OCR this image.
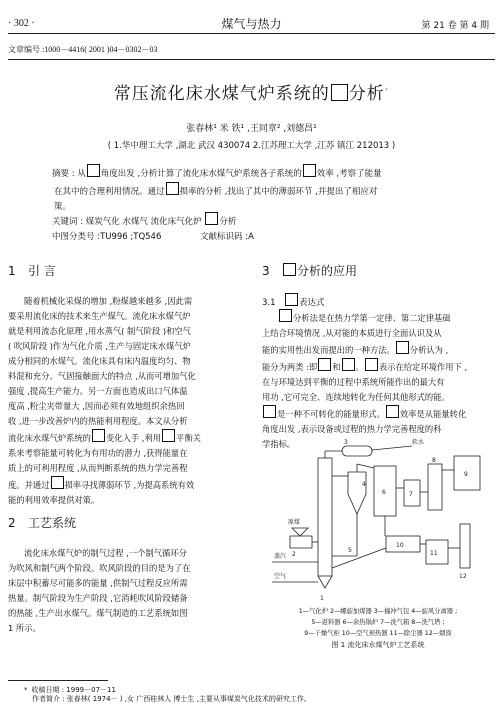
· 302 ·	煤气与热力	第 21 卷 第 4 期
文章编号 :1000－4416( 2001 )04－0302－03
常压流化床水煤气炉系统的 分析*
张春林¹ 米 铁¹ ,王同章² ,刘德昌¹
( 1.华中理工大学 ,湖北 武汉 430074 2.江苏理工大学 ,江苏 镇江 212013 )
摘要 : 从 角度出发 ,分析计算了流化床水煤气炉系统各子系统的 效率 ,考察了能量
在其中的合理利用情况。通过 损率的分析 ,找出了其中的薄弱环节 ,并提出了相应对
策。
关键词 : 煤炭气化 水煤气 流化床气化炉 分析
中图分类号 :TU996 ;TQ546	文献标识码 :A
1 引 言

随着机械化采煤的增加 ,粉煤越来越多 ,因此需

要采用流化床的技术来生产煤气。流化床水煤气炉

就是利用流态化原理 ,用水蒸气( 制气阶段 )和空气

( 吹风阶段 )作为气化介质 ,生产与固定床水煤气炉

成分相同的水煤气。流化床具有床内温度均匀、物

料混和充分、气固接触面大的特点 ,从而可增加气化

强度 ,提高生产能力。另一方面也造成出口气体温

度高 ,粉尘夹带量大 ,因而必须有效地组织余热回

收 ,进一步改善炉内的热能利用程度。本文从分析

流化床水煤气炉系统的 变化入手 ,利用 平衡关

系来考察能量可转化为有用功的潜力 ,获得能量在

质上的可利用程度 ,从而判断系统的热力学完善程

度。并通过 损率寻找薄弱环节 ,为提高系统有效

能的利用效率提供对策。

2 工艺系统

流化床水煤气炉的制气过程 ,一个制气循环分

为吹风和制气两个阶段。吹风阶段的目的是为了在

床层中积蓄尽可能多的能量 ,供制气过程反应所需

热量。制气阶段为生产阶段 ,它消耗吹风阶段储备

的热能 ,生产出水煤气。煤气制造的工艺系统如图

1 所示。

3 分析的应用
3.1	表达式

分析法是在热力学第一定律、第二定律基础

上结合环境情况 ,从对能的本质进行全面认识及从

能的实用性出发而提出的一种方法。 分析认为 ,

能分为两类 :即 和 。 表示在给定环境作用下 ,

在与环境达到平衡的过程中系统所能作出的最大有

用功 ,它可完全、连续地转化为任何其他形式的能。

是一种不可转化的能量形式。 效率是从能量转化

角度出发 ,表示设备或过程的热力学完善程度的科

学指标。

蒸汽
原煤
空气
软水
1
2
3
4
5
6	7
8
9
10
11
12
1—气化炉 2—螺旋加煤器 3—撞冲气包 4—旋风分离器 ;
5—返料器 6—余热锅炉 7—洗气箱 8—洗气塔 ;
9—干燥气柜 10—空气预热器 11—除尘器 12—烟囱
图 1 流化床水煤气炉工艺系统
* 收稿日期 : 1999－07－11
作者简介 : 张春林( 1974－ ) ,女 广西桂林人 博士生 ,主要从事煤炭气化技术的研究工作。
